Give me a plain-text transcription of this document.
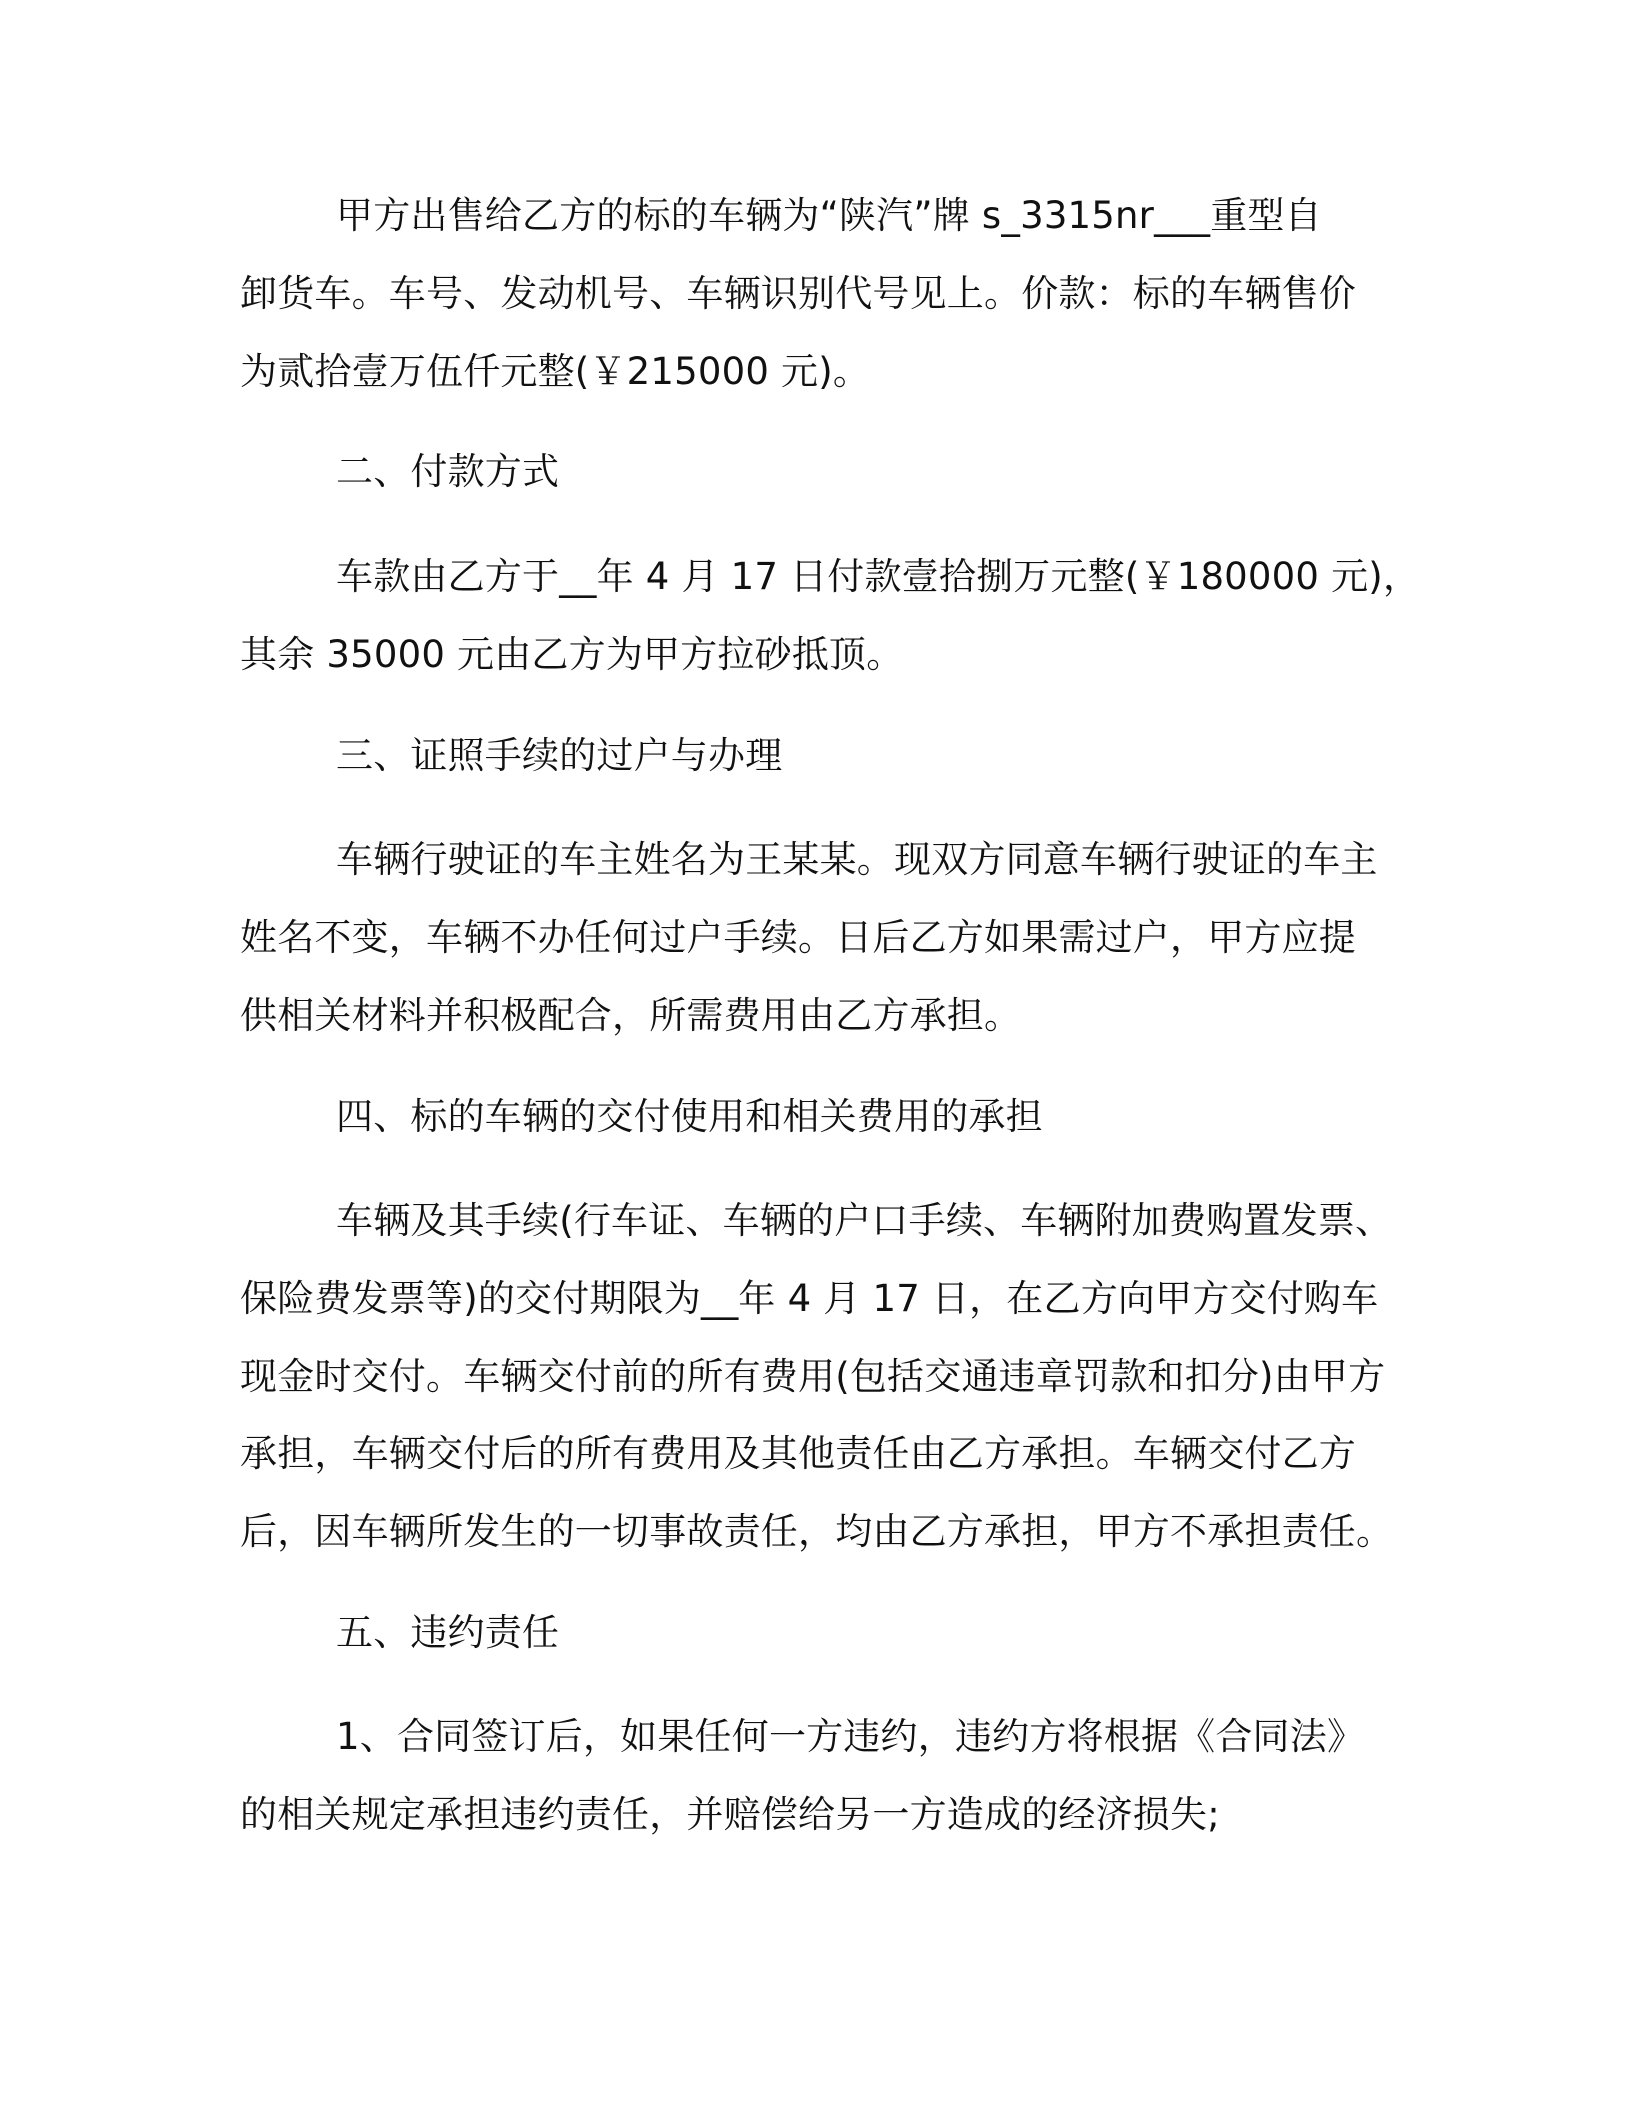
甲方出售给乙方的标的车辆为“陕汽”牌 s_3315nr___重型自
卸货车。车号、发动机号、车辆识别代号见上。价款：标的车辆售价
为贰拾壹万伍仟元整(￥215000 元)。
二、付款方式
车款由乙方于__年 4 月 17 日付款壹拾捌万元整(￥180000 元)，
其余 35000 元由乙方为甲方拉砂抵顶。
三、证照手续的过户与办理
车辆行驶证的车主姓名为王某某。现双方同意车辆行驶证的车主
姓名不变，车辆不办任何过户手续。日后乙方如果需过户，甲方应提
供相关材料并积极配合，所需费用由乙方承担。
四、标的车辆的交付使用和相关费用的承担
车辆及其手续(行车证、车辆的户口手续、车辆附加费购置发票、
保险费发票等)的交付期限为__年 4 月 17 日，在乙方向甲方交付购车
现金时交付。车辆交付前的所有费用(包括交通违章罚款和扣分)由甲方
承担，车辆交付后的所有费用及其他责任由乙方承担。车辆交付乙方
后，因车辆所发生的一切事故责任，均由乙方承担，甲方不承担责任。
五、违约责任
1、合同签订后，如果任何一方违约，违约方将根据《合同法》
的相关规定承担违约责任，并赔偿给另一方造成的经济损失;
